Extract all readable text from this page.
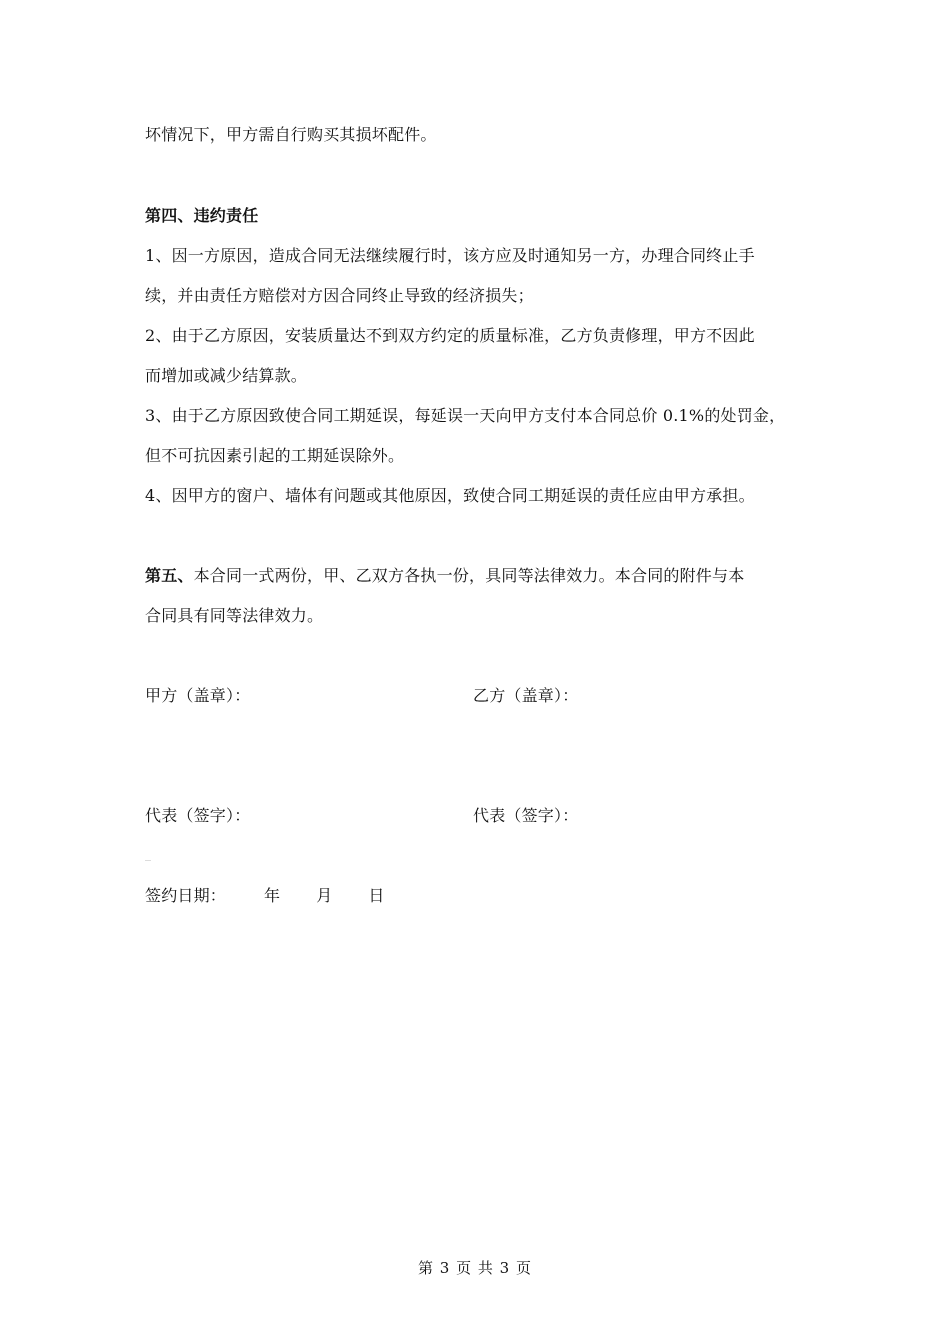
坏情况下，甲方需自行购买其损坏配件。
第四、违约责任
1、因一方原因，造成合同无法继续履行时，该方应及时通知另一方，办理合同终止手
续，并由责任方赔偿对方因合同终止导致的经济损失；
2、由于乙方原因，安装质量达不到双方约定的质量标准，乙方负责修理，甲方不因此
而增加或减少结算款。
3、由于乙方原因致使合同工期延误，每延误一天向甲方支付本合同总价 0.1%的处罚金，
但不可抗因素引起的工期延误除外。
4、因甲方的窗户、墙体有问题或其他原因，致使合同工期延误的责任应由甲方承担。
第五、本合同一式两份，甲、乙双方各执一份，具同等法律效力。本合同的附件与本
合同具有同等法律效力。
甲方（盖章）：	乙方（盖章）：
代表（签字）：	代表（签字）：
签约日期： 年 月 日
第 3 页 共 3 页
